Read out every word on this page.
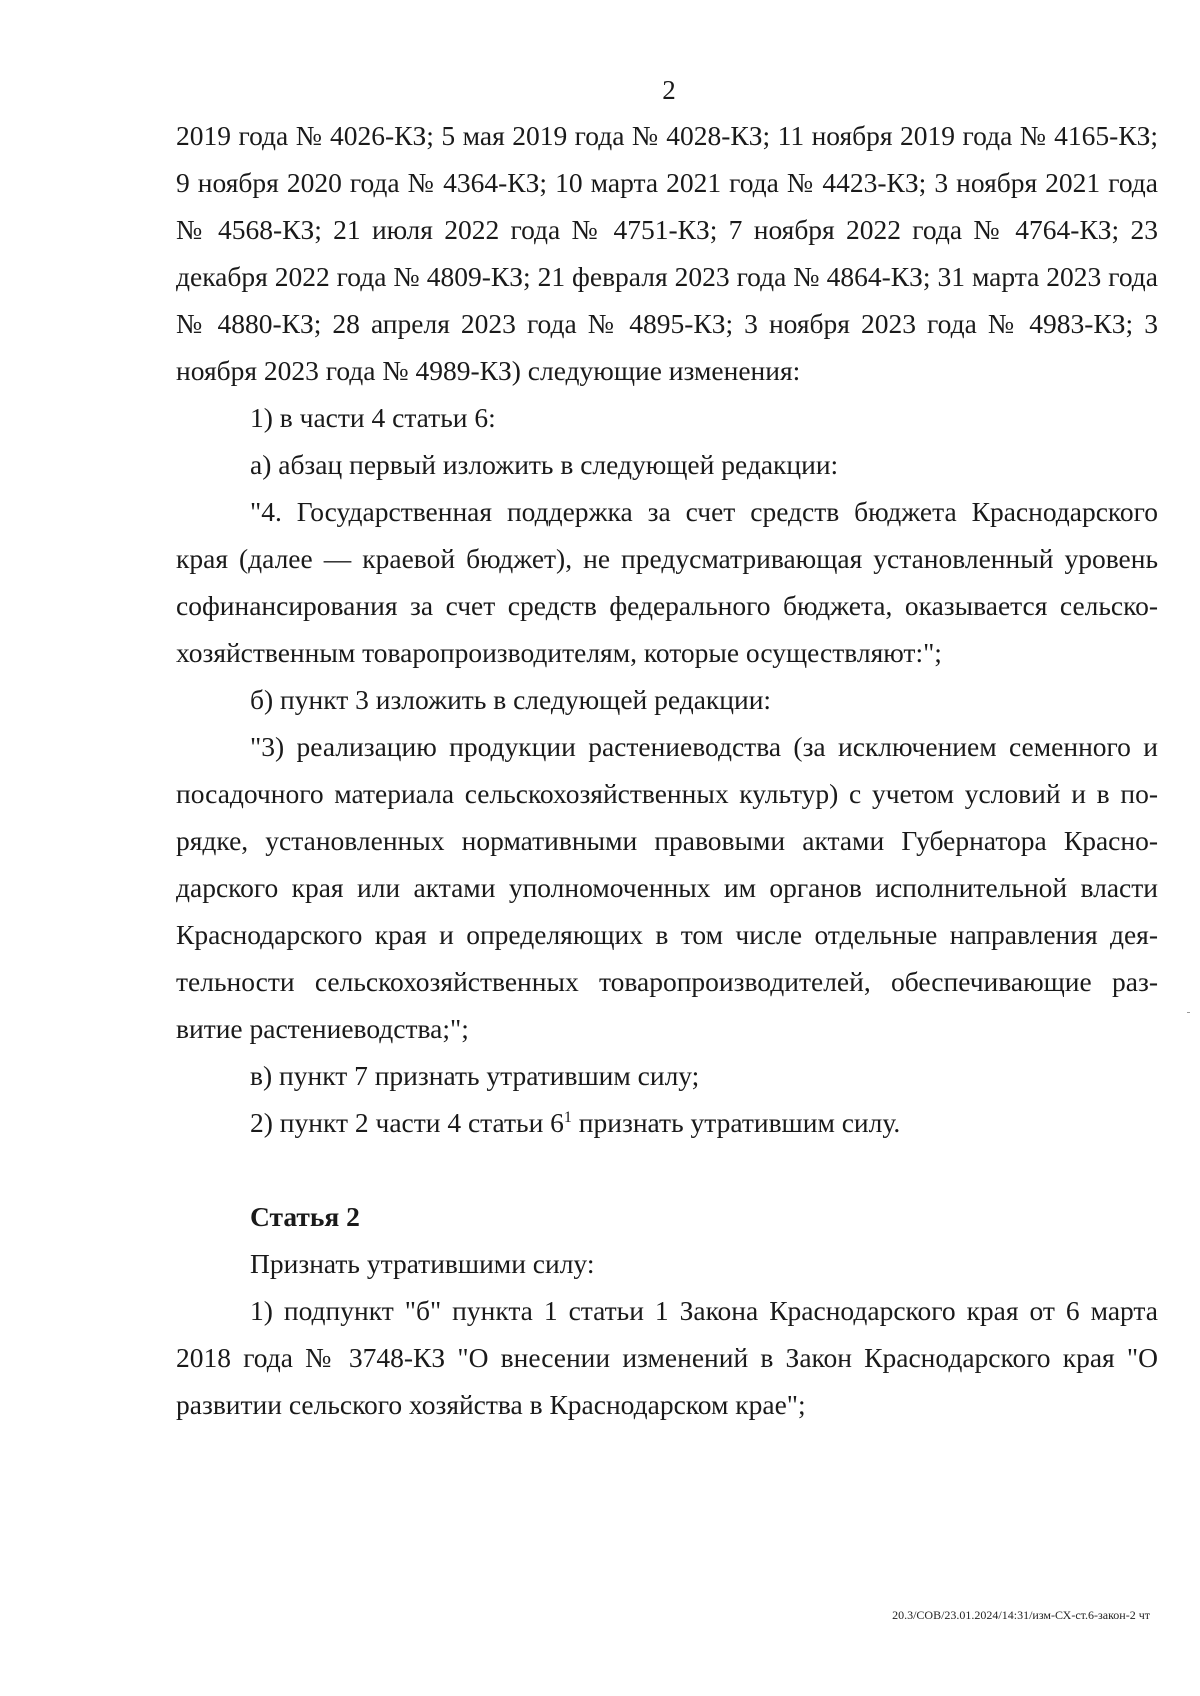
2

2019 года № 4026-КЗ; 5 мая 2019 года № 4028-КЗ; 11 ноября 2019 года № 4165-КЗ; 9 ноября 2020 года № 4364-КЗ; 10 марта 2021 года № 4423-КЗ; 3 ноября 2021 года № 4568-КЗ; 21 июля 2022 года № 4751-КЗ; 7 ноября 2022 года № 4764-КЗ; 23 декабря 2022 года № 4809-КЗ; 21 февраля 2023 года № 4864-КЗ; 31 марта 2023 года № 4880-КЗ; 28 апреля 2023 года № 4895-КЗ; 3 ноября 2023 года № 4983-КЗ; 3 ноября 2023 года № 4989-КЗ) следующие изменения:

1) в части 4 статьи 6:

а) абзац первый изложить в следующей редакции:

"4. Государственная поддержка за счет средств бюджета Краснодарского края (далее — краевой бюджет), не предусматривающая установленный уровень софинансирования за счет средств федерального бюджета, оказывается сельско-хозяйственным товаропроизводителям, которые осуществляют:";

б) пункт 3 изложить в следующей редакции:

"3) реализацию продукции растениеводства (за исключением семенного и посадочного материала сельскохозяйственных культур) с учетом условий и в по-рядке, установленных нормативными правовыми актами Губернатора Красно-дарского края или актами уполномоченных им органов исполнительной власти Краснодарского края и определяющих в том числе отдельные направления дея-тельности сельскохозяйственных товаропроизводителей, обеспечивающие раз-витие растениеводства;";

в) пункт 7 признать утратившим силу;

2) пункт 2 части 4 статьи $6^1$ признать утратившим силу.

Статья 2

Признать утратившими силу:

1) подпункт "б" пункта 1 статьи 1 Закона Краснодарского края от 6 марта 2018 года № 3748-КЗ "О внесении изменений в Закон Краснодарского края "О развитии сельского хозяйства в Краснодарском крае";

20.3/СОВ/23.01.2024/14:31/изм-СХ-ст.6-закон-2 чт
